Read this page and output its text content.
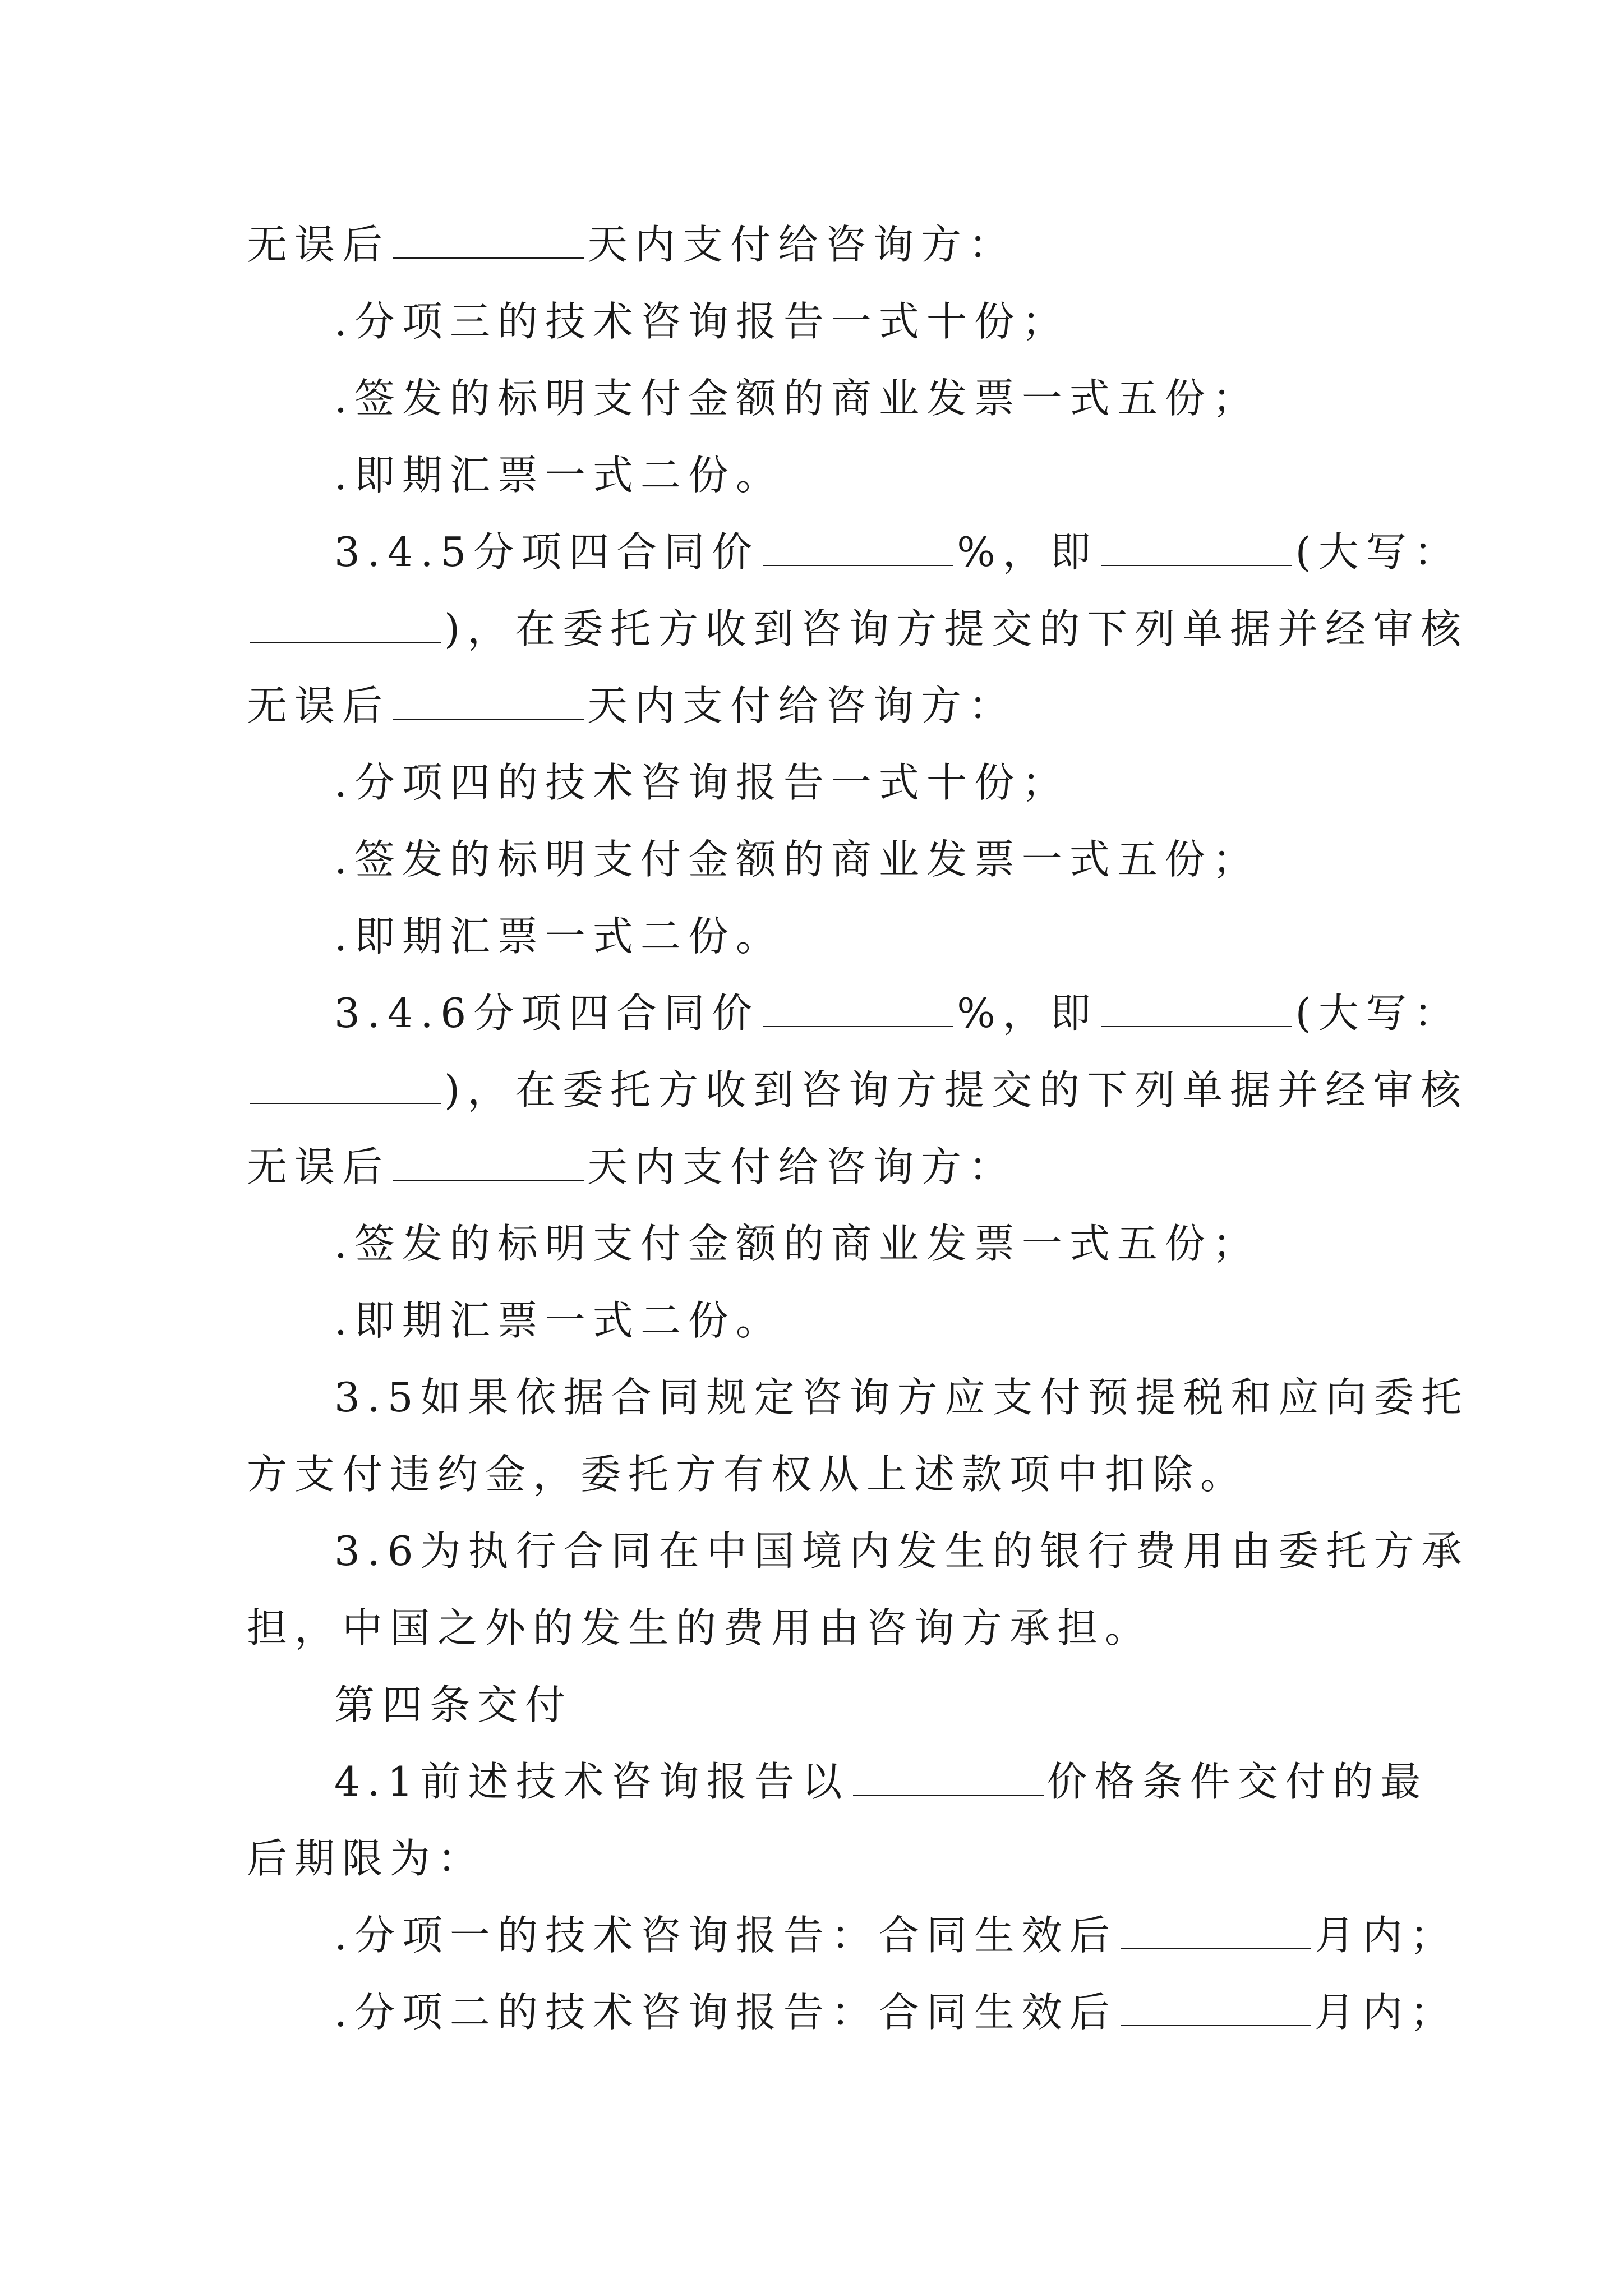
无误后	天内支付给咨询方：
.分项三的技术咨询报告一式十份；
.签发的标明支付金额的商业发票一式五份；
.即期汇票一式二份。
3.4.5分项四合同价	%，即	(大写：
)，在委托方收到咨询方提交的下列单据并经审核
无误后	天内支付给咨询方：
.分项四的技术咨询报告一式十份；
.签发的标明支付金额的商业发票一式五份；
.即期汇票一式二份。
3.4.6分项四合同价	%，即	(大写：
)，在委托方收到咨询方提交的下列单据并经审核
无误后	天内支付给咨询方：
.签发的标明支付金额的商业发票一式五份；
.即期汇票一式二份。
3.5如果依据合同规定咨询方应支付预提税和应向委托
方支付违约金，委托方有权从上述款项中扣除。
3.6为执行合同在中国境内发生的银行费用由委托方承
担，中国之外的发生的费用由咨询方承担。
第四条交付
4.1前述技术咨询报告以	价格条件交付的最
后期限为：
.分项一的技术咨询报告：合同生效后	月内；
.分项二的技术咨询报告：合同生效后	月内；
